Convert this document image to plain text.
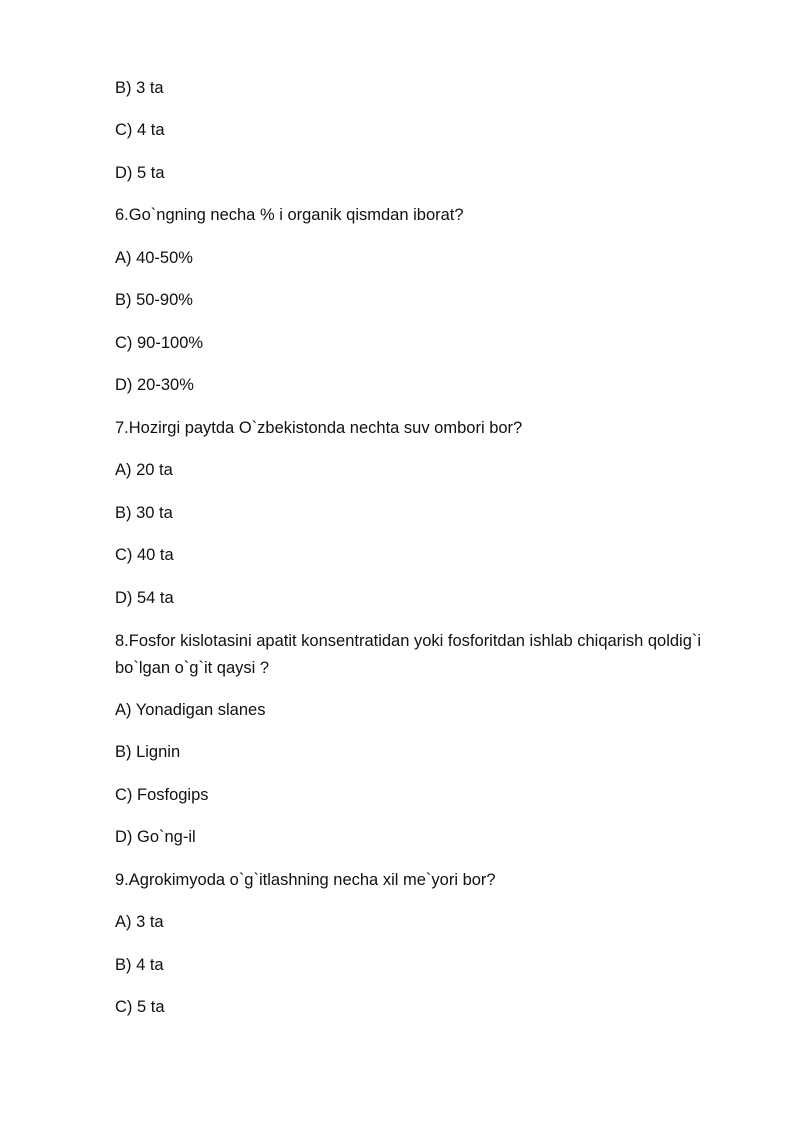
B) 3 ta
C) 4 ta
D) 5 ta
6.Go`ngning necha % i organik qismdan iborat?
A) 40-50%
B) 50-90%
C) 90-100%
D) 20-30%
7.Hozirgi paytda O`zbekistonda nechta suv ombori bor?
A) 20 ta
B) 30 ta
C) 40 ta
D) 54 ta
8.Fosfor kislotasini apatit konsentratidan yoki fosforitdan ishlab chiqarish qoldig`i
bo`lgan o`g`it qaysi ?
A) Yonadigan slanes
B) Lignin
C) Fosfogips
D) Go`ng-il
9.Agrokimyoda o`g`itlashning necha xil me`yori bor?
A) 3 ta
B) 4 ta
C) 5 ta
